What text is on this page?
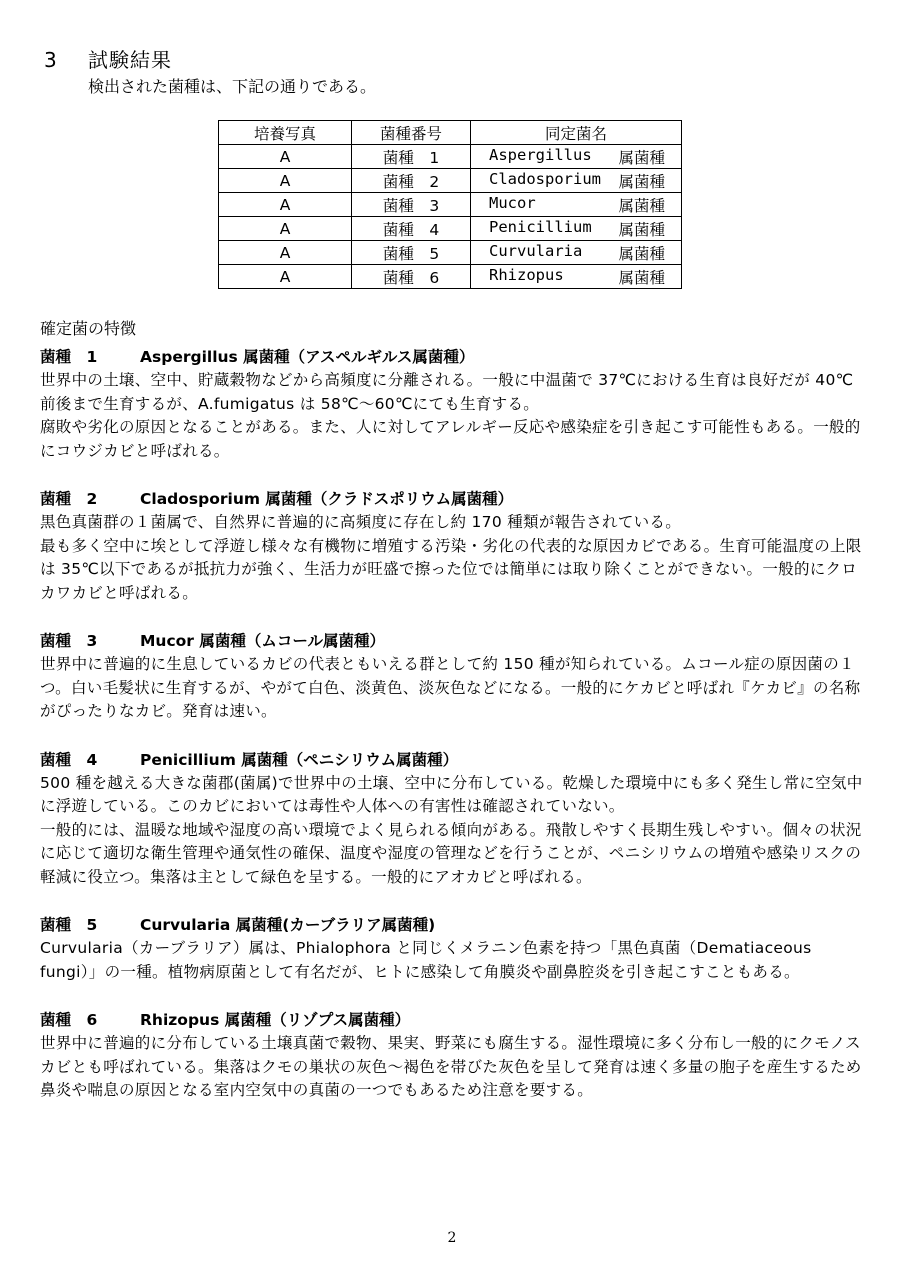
3 試験結果
検出された菌種は、下記の通りである。
培養写真	菌種番号	同定菌名
A	菌種　1	Aspergillus 属菌種

A	菌種　2	Cladosporium 属菌種

A	菌種　3	Mucor 属菌種

A	菌種　4	Penicillium 属菌種

A	菌種　5	Curvularia 属菌種

A	菌種　6	Rhizopus 属菌種
確定菌の特徴
菌種　1	Aspergillus 属菌種（アスペルギルス属菌種）

世界中の土壌、空中、貯蔵穀物などから高頻度に分離される。一般に中温菌で 37℃における生育は良好だが 40℃前後まで生育するが、A.fumigatus は 58℃～60℃にても生育する。

腐敗や劣化の原因となることがある。また、人に対してアレルギー反応や感染症を引き起こす可能性もある。一般的にコウジカビと呼ばれる。

菌種　2	Cladosporium 属菌種（クラドスポリウム属菌種）

黒色真菌群の１菌属で、自然界に普遍的に高頻度に存在し約 170 種類が報告されている。

最も多く空中に埃として浮遊し様々な有機物に増殖する汚染・劣化の代表的な原因カビである。生育可能温度の上限は 35℃以下であるが抵抗力が強く、生活力が旺盛で擦った位では簡単には取り除くことができない。一般的にクロカワカビと呼ばれる。

菌種　3	Mucor 属菌種（ムコール属菌種）

世界中に普遍的に生息しているカビの代表ともいえる群として約 150 種が知られている。ムコール症の原因菌の１つ。白い毛髪状に生育するが、やがて白色、淡黄色、淡灰色などになる。一般的にケカビと呼ばれ『ケカビ』の名称がぴったりなカビ。発育は速い。

菌種　4	Penicillium 属菌種（ペニシリウム属菌種）

500 種を越える大きな菌郡(菌属)で世界中の土壌、空中に分布している。乾燥した環境中にも多く発生し常に空気中に浮遊している。このカビにおいては毒性や人体への有害性は確認されていない。

一般的には、温暖な地域や湿度の高い環境でよく見られる傾向がある。飛散しやすく長期生残しやすい。個々の状況に応じて適切な衛生管理や通気性の確保、温度や湿度の管理などを行うことが、ペニシリウムの増殖や感染リスクの軽減に役立つ。集落は主として緑色を呈する。一般的にアオカビと呼ばれる。

菌種　5	Curvularia 属菌種(カーブラリア属菌種)

Curvularia（カーブラリア）属は、Phialophora と同じくメラニン色素を持つ「黒色真菌（Dematiaceous fungi）」の一種。植物病原菌として有名だが、ヒトに感染して角膜炎や副鼻腔炎を引き起こすこともある。

菌種　6	Rhizopus 属菌種（リゾプス属菌種）

世界中に普遍的に分布している土壌真菌で穀物、果実、野菜にも腐生する。湿性環境に多く分布し一般的にクモノスカビとも呼ばれている。集落はクモの巣状の灰色～褐色を帯びた灰色を呈して発育は速く多量の胞子を産生するため鼻炎や喘息の原因となる室内空気中の真菌の一つでもあるため注意を要する。

2
